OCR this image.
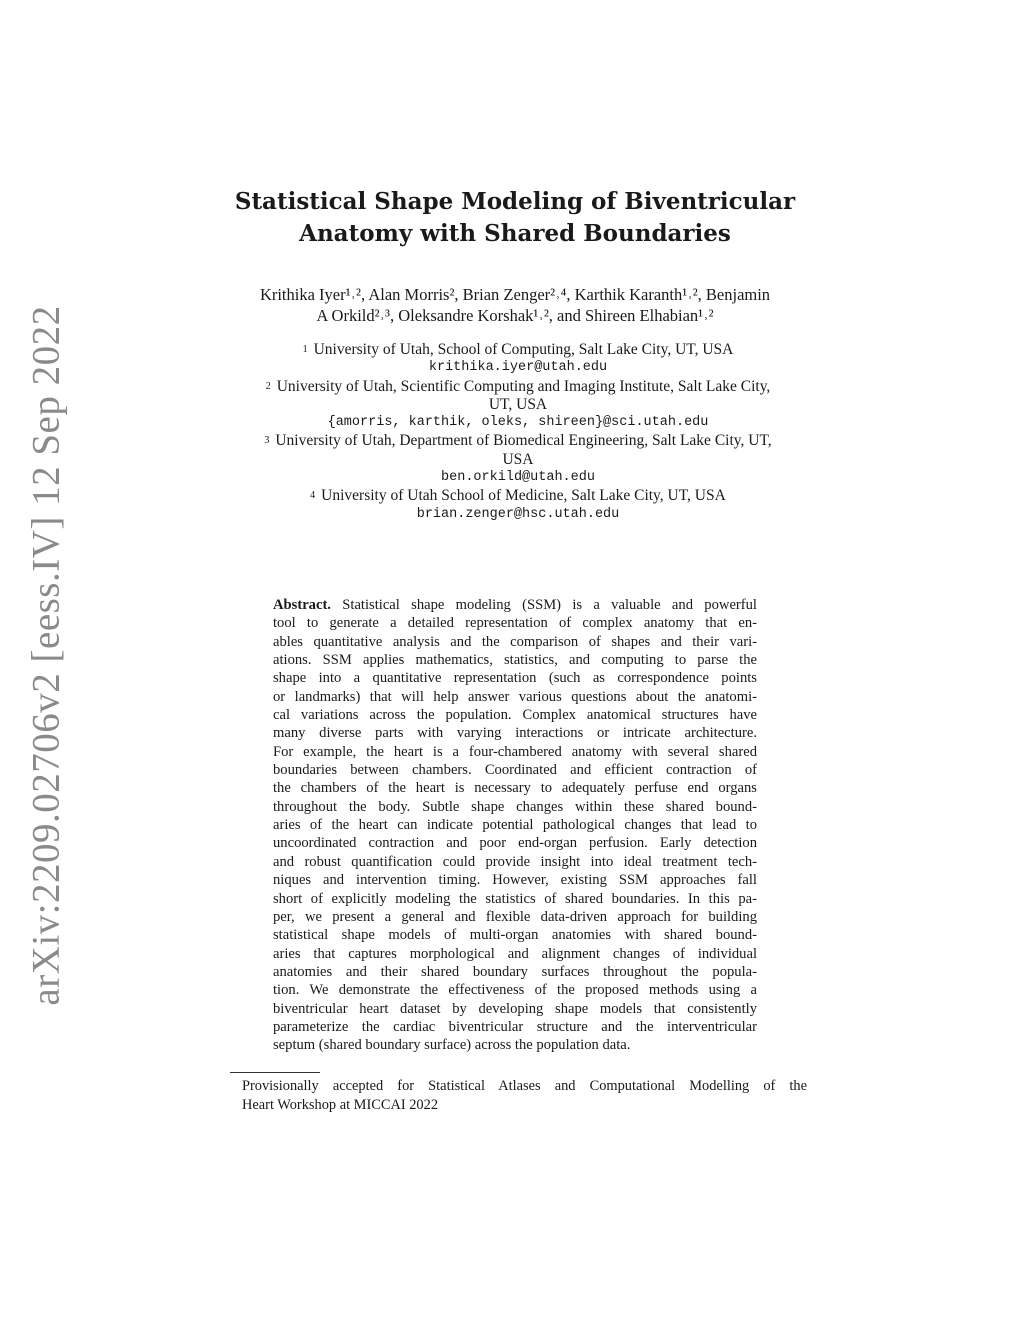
arXiv:2209.02706v2 [eess.IV] 12 Sep 2022
Statistical Shape Modeling of Biventricular
Anatomy with Shared Boundaries
Krithika Iyer¹˒², Alan Morris², Brian Zenger²˒⁴, Karthik Karanth¹˒², Benjamin
A Orkild²˒³, Oleksandre Korshak¹˒², and Shireen Elhabian¹˒²
$^1$ University of Utah, School of Computing, Salt Lake City, UT, USA
krithika.iyer@utah.edu
$^2$ University of Utah, Scientific Computing and Imaging Institute, Salt Lake City,
UT, USA
{amorris, karthik, oleks, shireen}@sci.utah.edu
$^3$ University of Utah, Department of Biomedical Engineering, Salt Lake City, UT,
USA
ben.orkild@utah.edu
$^4$ University of Utah School of Medicine, Salt Lake City, UT, USA
brian.zenger@hsc.utah.edu
Abstract. Statistical shape modeling (SSM) is a valuable and powerful
tool to generate a detailed representation of complex anatomy that en-
ables quantitative analysis and the comparison of shapes and their vari-
ations. SSM applies mathematics, statistics, and computing to parse the
shape into a quantitative representation (such as correspondence points
or landmarks) that will help answer various questions about the anatomi-
cal variations across the population. Complex anatomical structures have
many diverse parts with varying interactions or intricate architecture.
For example, the heart is a four-chambered anatomy with several shared
boundaries between chambers. Coordinated and efficient contraction of
the chambers of the heart is necessary to adequately perfuse end organs
throughout the body. Subtle shape changes within these shared bound-
aries of the heart can indicate potential pathological changes that lead to
uncoordinated contraction and poor end-organ perfusion. Early detection
and robust quantification could provide insight into ideal treatment tech-
niques and intervention timing. However, existing SSM approaches fall
short of explicitly modeling the statistics of shared boundaries. In this pa-
per, we present a general and flexible data-driven approach for building
statistical shape models of multi-organ anatomies with shared bound-
aries that captures morphological and alignment changes of individual
anatomies and their shared boundary surfaces throughout the popula-
tion. We demonstrate the effectiveness of the proposed methods using a
biventricular heart dataset by developing shape models that consistently
parameterize the cardiac biventricular structure and the interventricular
septum (shared boundary surface) across the population data.
Provisionally accepted for Statistical Atlases and Computational Modelling of the
Heart Workshop at MICCAI 2022
